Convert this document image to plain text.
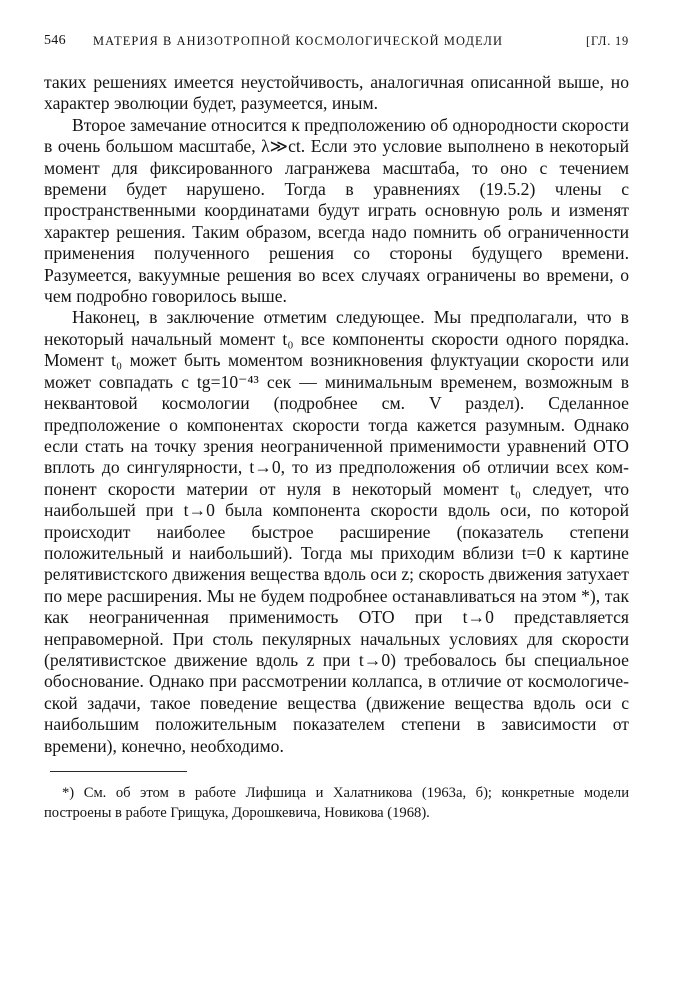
546 МАТЕРИЯ В АНИЗОТРОПНОЙ КОСМОЛОГИЧЕСКОЙ МОДЕЛИ	[ГЛ. 19

таких решениях имеется неустойчивость, аналогичная описанной выше, но характер эволюции будет, разумеется, иным.

Второе замечание относится к предположению об однородности скорости в очень большом масштабе, λ≫ct. Если это условие выполнено в некоторый момент для фиксированного лагранжева масштаба, то оно с течением времени будет нарушено. Тогда в уравнениях (19.5.2) члены с пространственными координатами будут играть основную роль и изменят характер решения. Таким образом, всегда надо помнить об ограниченности применения полученного решения со стороны будущего времени. Разумеется, вакуумные решения во всех случаях ограничены во времени, о чем подробно говорилось выше.

Наконец, в заключение отметим следующее. Мы предполагали, что в некоторый начальный момент t₀ все компоненты скорости одного порядка. Момент t₀ может быть моментом возникновения флуктуации скорости или может совпадать с tg=10⁻⁴³ сек — минимальным временем, возможным в неквантовой космологии (подробнее см. V раздел). Сделанное предположение о компонентах скорости тогда кажется разумным. Однако если стать на точку зрения неограниченной применимости уравнений ОТО вплоть до сингулярности, t→0, то из предположения об отличии всех компонент скорости материи от нуля в некоторый момент t₀ следует, что наибольшей при t→0 была компонента скорости вдоль оси, по которой происходит наиболее быстрое расширение (показатель степени положительный и наибольший). Тогда мы приходим вблизи t=0 к картине релятивистского движения вещества вдоль оси z; скорость движения затухает по мере расширения. Мы не будем подробнее останавливаться на этом *), так как неограниченная применимость ОТО при t→0 представляется неправомерной. При столь пекулярных начальных условиях для скорости (релятивистское движение вдоль z при t→0) требовалось бы специальное обоснование. Однако при рассмотрении коллапса, в отличие от космологической задачи, такое поведение вещества (движение вещества вдоль оси с наибольшим положительным показателем степени в зависимости от времени), конечно, необходимо.

*) См. об этом в работе Лифшица и Халатникова (1963а, б); конкретные модели построены в работе Грищука, Дорошкевича, Новикова (1968).
